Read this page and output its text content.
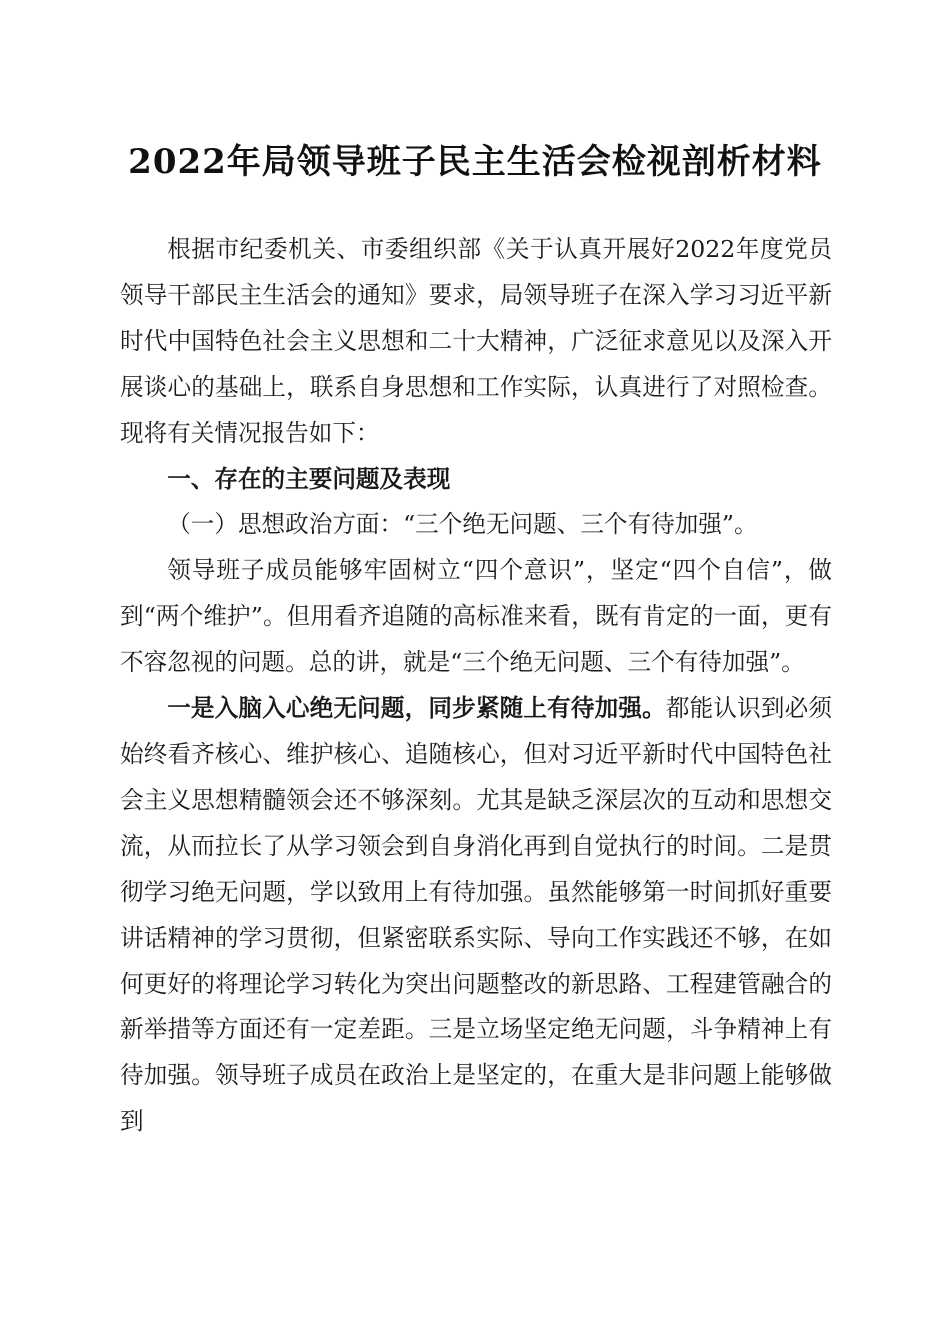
2022年局领导班子民主生活会检视剖析材料

根据市纪委机关、市委组织部《关于认真开展好2022年度党员领导干部民主生活会的通知》要求，局领导班子在深入学习习近平新时代中国特色社会主义思想和二十大精神，广泛征求意见以及深入开展谈心的基础上，联系自身思想和工作实际，认真进行了对照检查。现将有关情况报告如下：

一、存在的主要问题及表现

（一）思想政治方面：“三个绝无问题、三个有待加强”。

领导班子成员能够牢固树立“四个意识”，坚定“四个自信”，做到“两个维护”。但用看齐追随的高标准来看，既有肯定的一面，更有不容忽视的问题。总的讲，就是“三个绝无问题、三个有待加强”。

一是入脑入心绝无问题，同步紧随上有待加强。都能认识到必须始终看齐核心、维护核心、追随核心，但对习近平新时代中国特色社会主义思想精髓领会还不够深刻。尤其是缺乏深层次的互动和思想交流，从而拉长了从学习领会到自身消化再到自觉执行的时间。二是贯彻学习绝无问题，学以致用上有待加强。虽然能够第一时间抓好重要讲话精神的学习贯彻，但紧密联系实际、导向工作实践还不够，在如何更好的将理论学习转化为突出问题整改的新思路、工程建管融合的新举措等方面还有一定差距。三是立场坚定绝无问题，斗争精神上有待加强。领导班子成员在政治上是坚定的，在重大是非问题上能够做到
